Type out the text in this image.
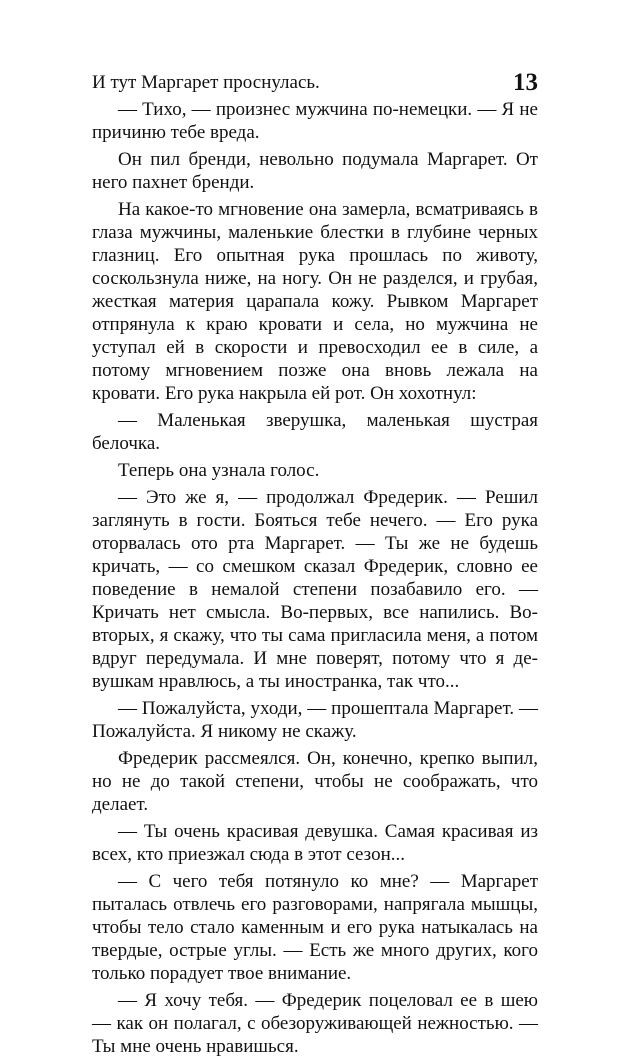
13

И тут Маргарет проснулась.

— Тихо, — произнес мужчина по-немецки. — Я не причиню тебе вреда.

Он пил бренди, невольно подумала Маргарет. От него пахнет бренди.

На какое-то мгновение она замерла, всматриваясь в глаза мужчины, маленькие блестки в глубине черных глазниц. Его опытная рука прошлась по животу, соскользнула ниже, на ногу. Он не разделся, и грубая, жесткая материя царапала кожу. Рывком Маргарет отпрянула к краю кровати и села, но мужчина не уступал ей в скорости и превосходил ее в силе, а потому мгновением позже она вновь лежала на кровати. Его рука накрыла ей рот. Он хохотнул:

— Маленькая зверушка, маленькая шустрая белочка.

Теперь она узнала голос.

— Это же я, — продолжал Фредерик. — Решил заглянуть в гости. Бояться тебе нечего. — Его рука оторвалась ото рта Маргарет. — Ты же не будешь кричать, — со смешком сказал Фредерик, словно ее поведение в немалой степени позабавило его. — Кричать нет смысла. Во-первых, все напились. Во-вторых, я скажу, что ты сама пригласила меня, а потом вдруг передумала. И мне поверят, потому что я девушкам нравлюсь, а ты иностранка, так что...

— Пожалуйста, уходи, — прошептала Маргарет. — Пожалуйста. Я никому не скажу.

Фредерик рассмеялся. Он, конечно, крепко выпил, но не до такой степени, чтобы не соображать, что делает.

— Ты очень красивая девушка. Самая красивая из всех, кто приезжал сюда в этот сезон...

— С чего тебя потянуло ко мне? — Маргарет пыталась отвлечь его разговорами, напрягала мышцы, чтобы тело стало каменным и его рука натыкалась на твердые, острые углы. — Есть же много других, кого только порадует твое внимание.

— Я хочу тебя. — Фредерик поцеловал ее в шею — как он полагал, с обезоруживающей нежностью. — Ты мне очень нравишься.
